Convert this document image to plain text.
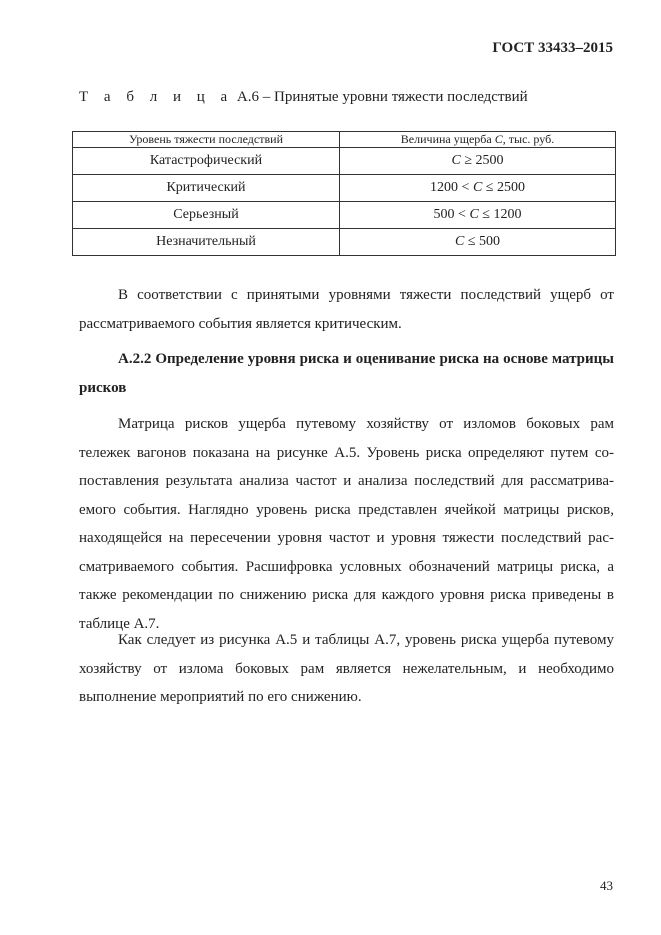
ГОСТ 33433–2015
Т а б л и ц а А.6 – Принятые уровни тяжести последствий
Уровень тяжести последствий	Величина ущерба C, тыс. руб.
Катастрофический	C ≥ 2500
Критический	1200 < C ≤ 2500
Серьезный	500 < C ≤ 1200
Незначительный	C ≤ 500

В соответствии с принятыми уровнями тяжести последствий ущерб от рассматриваемого события является критическим.

А.2.2 Определение уровня риска и оценивание риска на основе матрицы рисков

Матрица рисков ущерба путевому хозяйству от изломов боковых рам тележек вагонов показана на рисунке А.5. Уровень риска определяют путем сопоставления результата анализа частот и анализа последствий для рассматриваемого события. Наглядно уровень риска представлен ячейкой матрицы рисков, находящейся на пересечении уровня частот и уровня тяжести последствий рассматриваемого события. Расшифровка условных обозначений матрицы риска, а также рекомендации по снижению риска для каждого уровня риска приведены в таблице А.7.

Как следует из рисунка А.5 и таблицы А.7, уровень риска ущерба путевому хозяйству от излома боковых рам является нежелательным, и необходимо выполнение мероприятий по его снижению.

43
